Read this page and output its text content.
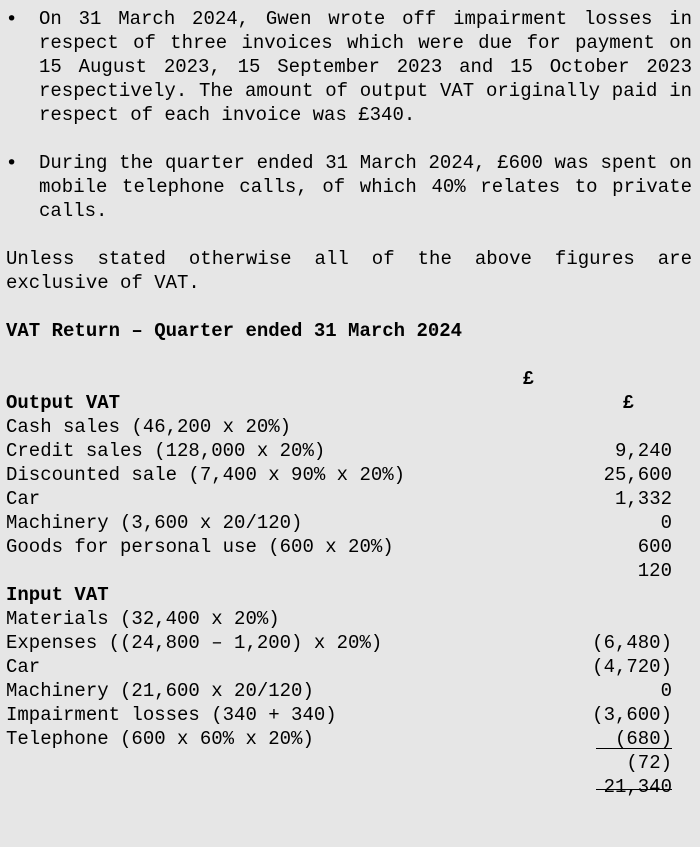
• On 31 March 2024, Gwen wrote off impairment losses in respect of three invoices which were due for payment on 15 August 2023, 15 September 2023 and 15 October 2023 respectively. The amount of output VAT originally paid in respect of each invoice was £340.
• During the quarter ended 31 March 2024, £600 was spent on mobile telephone calls, of which 40% relates to private calls.
Unless stated otherwise all of the above figures are exclusive of VAT.
VAT Return – Quarter ended 31 March 2024

£

£

Output VAT

Cash sales (46,200 x 20%)

9,240

Credit sales (128,000 x 20%)

25,600

Discounted sale (7,400 x 90% x 20%)

1,332

Car

0

Machinery (3,600 x 20/120)

600

Goods for personal use (600 x 20%)

120

Input VAT

Materials (32,400 x 20%)

(6,480)

Expenses ((24,800 – 1,200) x 20%)

(4,720)

Car

0

Machinery (21,600 x 20/120)

(3,600)

Impairment losses (340 + 340)

(680)

Telephone (600 x 60% x 20%)

(72)

21,340
